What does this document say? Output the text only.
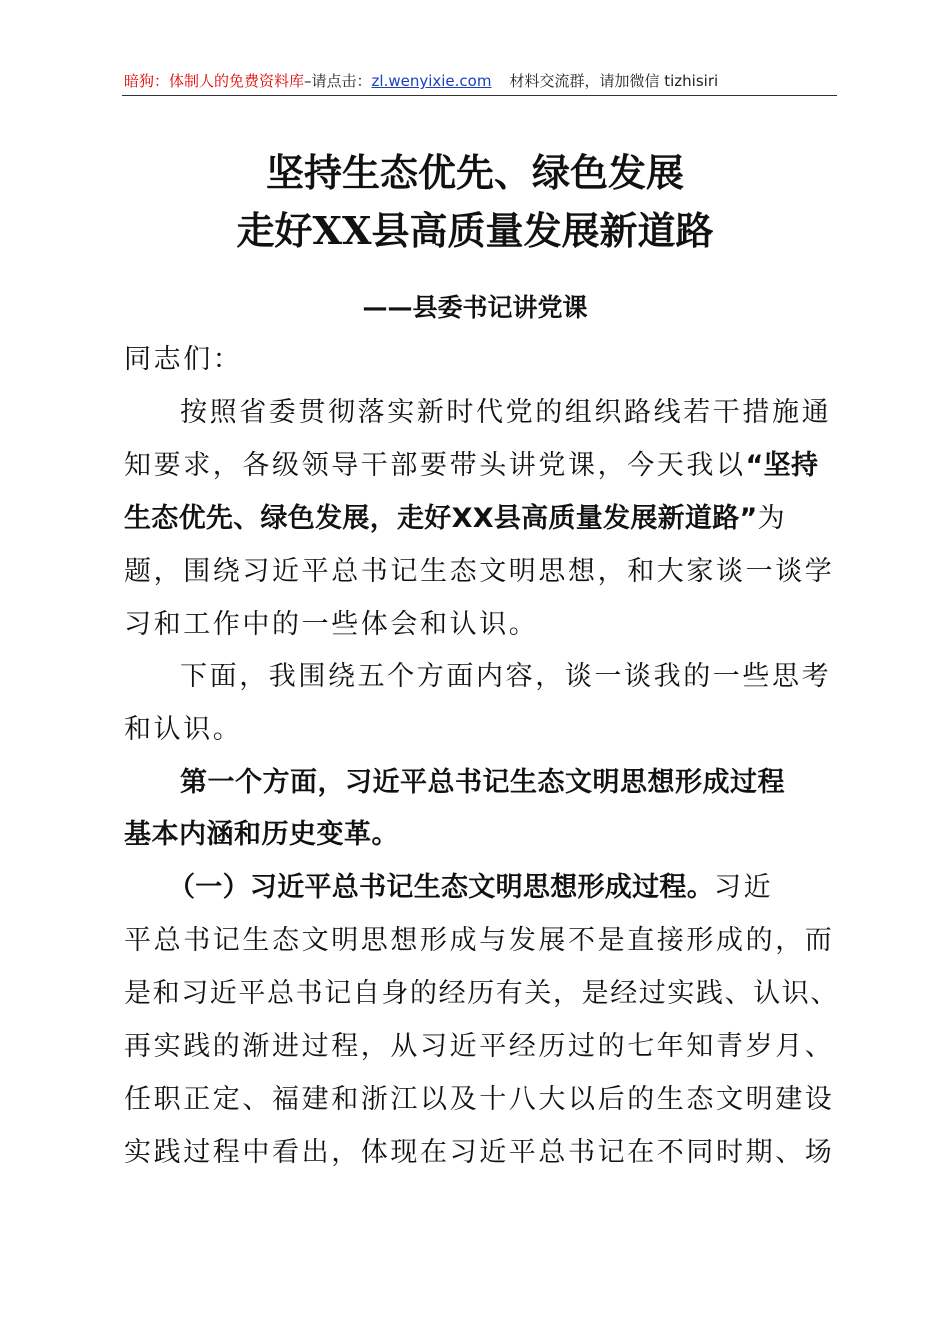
暗狗：体制人的免费资料库–请点击：zl.wenyixie.com 材料交流群，请加微信 tizhisiri
坚持生态优先、绿色发展
走好XX县高质量发展新道路
——县委书记讲党课
同志们：
按照省委贯彻落实新时代党的组织路线若干措施通
知要求，各级领导干部要带头讲党课，今天我以“坚持
生态优先、绿色发展，走好XX县高质量发展新道路”为
题，围绕习近平总书记生态文明思想，和大家谈一谈学
习和工作中的一些体会和认识。
下面，我围绕五个方面内容，谈一谈我的一些思考
和认识。
第一个方面，习近平总书记生态文明思想形成过程
基本内涵和历史变革。
（一）习近平总书记生态文明思想形成过程。习近
平总书记生态文明思想形成与发展不是直接形成的，而
是和习近平总书记自身的经历有关，是经过实践、认识、
再实践的渐进过程，从习近平经历过的七年知青岁月、
任职正定、福建和浙江以及十八大以后的生态文明建设
实践过程中看出，体现在习近平总书记在不同时期、场
